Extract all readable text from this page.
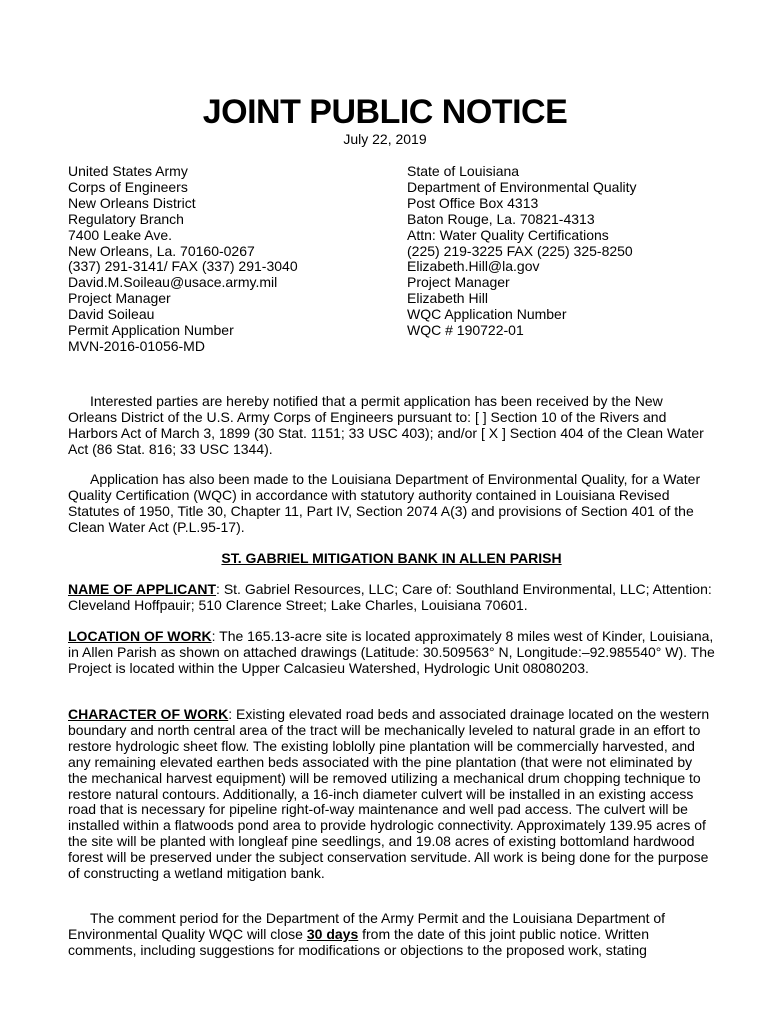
JOINT PUBLIC NOTICE
July 22, 2019
United States Army
Corps of Engineers
New Orleans District
Regulatory Branch
7400 Leake Ave.
New Orleans, La. 70160-0267
(337) 291-3141/ FAX (337) 291-3040
David.M.Soileau@usace.army.mil
Project Manager
David Soileau
Permit Application Number
MVN-2016-01056-MD
State of Louisiana
Department of Environmental Quality
Post Office Box 4313
Baton Rouge, La. 70821-4313
Attn: Water Quality Certifications
(225) 219-3225 FAX (225) 325-8250
Elizabeth.Hill@la.gov
Project Manager
Elizabeth Hill
WQC Application Number
WQC # 190722-01

Interested parties are hereby notified that a permit application has been received by the New Orleans District of the U.S. Army Corps of Engineers pursuant to: [ ] Section 10 of the Rivers and Harbors Act of March 3, 1899 (30 Stat. 1151; 33 USC 403); and/or [ X ] Section 404 of the Clean Water Act (86 Stat. 816; 33 USC 1344).

Application has also been made to the Louisiana Department of Environmental Quality, for a Water Quality Certification (WQC) in accordance with statutory authority contained in Louisiana Revised Statutes of 1950, Title 30, Chapter 11, Part IV, Section 2074 A(3) and provisions of Section 401 of the Clean Water Act (P.L.95-17).

ST. GABRIEL MITIGATION BANK IN ALLEN PARISH

NAME OF APPLICANT: St. Gabriel Resources, LLC; Care of: Southland Environmental, LLC; Attention: Cleveland Hoffpauir; 510 Clarence Street; Lake Charles, Louisiana 70601.

LOCATION OF WORK: The 165.13-acre site is located approximately 8 miles west of Kinder, Louisiana, in Allen Parish as shown on attached drawings (Latitude: 30.509563° N, Longitude:–92.985540° W). The Project is located within the Upper Calcasieu Watershed, Hydrologic Unit 08080203.

CHARACTER OF WORK: Existing elevated road beds and associated drainage located on the western boundary and north central area of the tract will be mechanically leveled to natural grade in an effort to restore hydrologic sheet flow. The existing loblolly pine plantation will be commercially harvested, and any remaining elevated earthen beds associated with the pine plantation (that were not eliminated by the mechanical harvest equipment) will be removed utilizing a mechanical drum chopping technique to restore natural contours. Additionally, a 16-inch diameter culvert will be installed in an existing access road that is necessary for pipeline right-of-way maintenance and well pad access. The culvert will be installed within a flatwoods pond area to provide hydrologic connectivity. Approximately 139.95 acres of the site will be planted with longleaf pine seedlings, and 19.08 acres of existing bottomland hardwood forest will be preserved under the subject conservation servitude. All work is being done for the purpose of constructing a wetland mitigation bank.

The comment period for the Department of the Army Permit and the Louisiana Department of Environmental Quality WQC will close 30 days from the date of this joint public notice. Written comments, including suggestions for modifications or objections to the proposed work, stating
